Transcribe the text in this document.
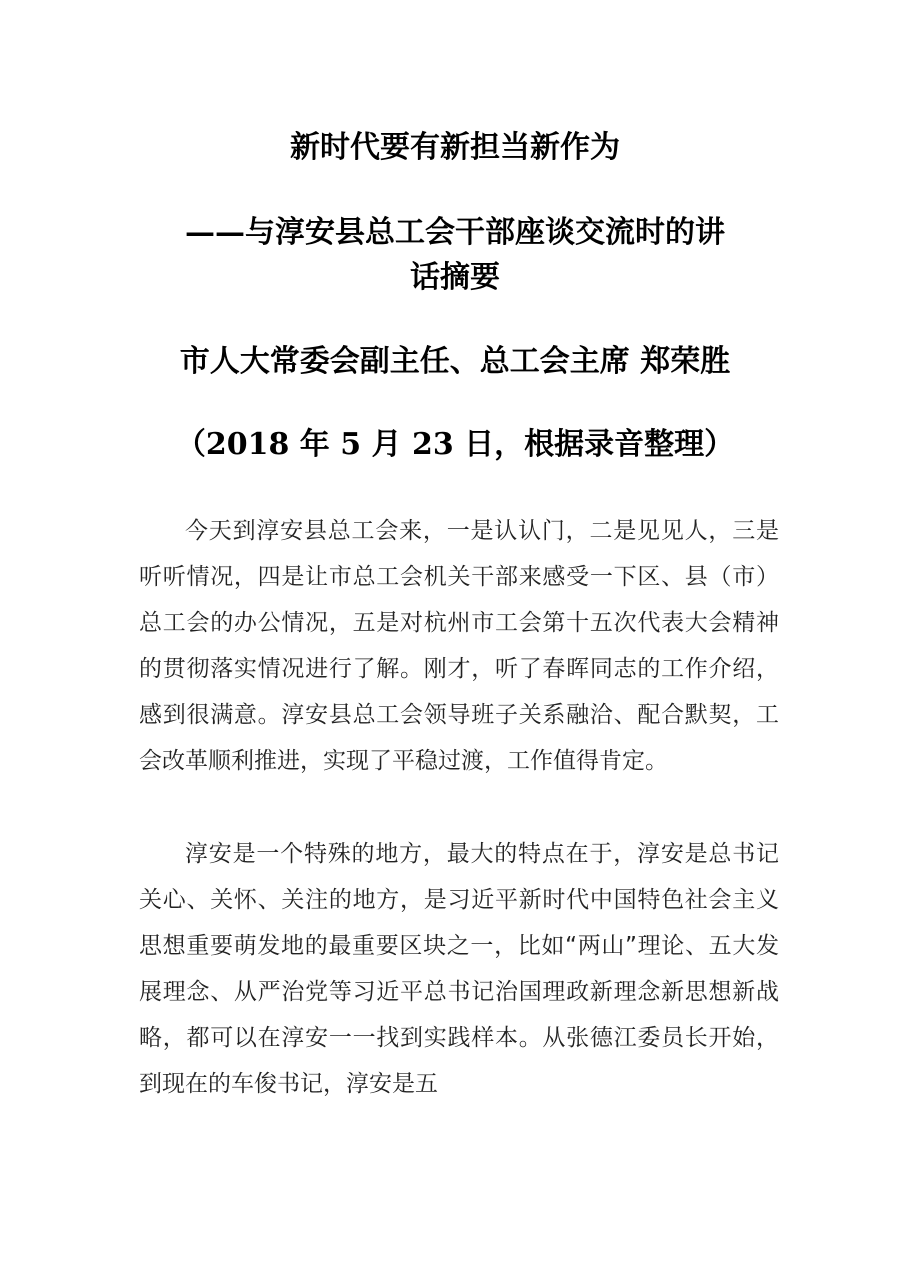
新时代要有新担当新作为
——与淳安县总工会干部座谈交流时的讲
话摘要
市人大常委会副主任、总工会主席 郑荣胜
（2018 年 5 月 23 日，根据录音整理）

今天到淳安县总工会来，一是认认门，二是见见人，三是听听情况，四是让市总工会机关干部来感受一下区、县（市）总工会的办公情况，五是对杭州市工会第十五次代表大会精神的贯彻落实情况进行了解。刚才，听了春晖同志的工作介绍，感到很满意。淳安县总工会领导班子关系融洽、配合默契，工会改革顺利推进，实现了平稳过渡，工作值得肯定。

淳安是一个特殊的地方，最大的特点在于，淳安是总书记关心、关怀、关注的地方，是习近平新时代中国特色社会主义思想重要萌发地的最重要区块之一，比如“两山”理论、五大发展理念、从严治党等习近平总书记治国理政新理念新思想新战略，都可以在淳安一一找到实践样本。从张德江委员长开始，到现在的车俊书记，淳安是五
